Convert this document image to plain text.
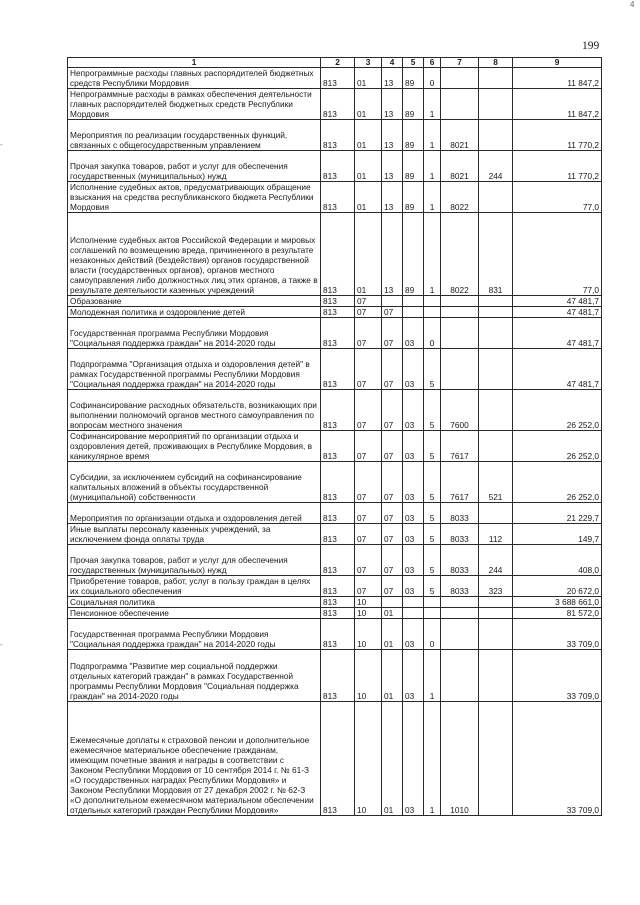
199
4
-
-
1	2	3	4	5	6	7	8	9
Непрограммные расходы главных распорядителей бюджетных средств Республики Мордовия	813	01	13	89	0			11 847,2
Непрограммные расходы в рамках обеспечения деятельности главных распорядителей бюджетных средств Республики Мордовия	813	01	13	89	1			11 847,2
Мероприятия по реализации государственных функций, связанных с общегосударственным управлением	813	01	13	89	1	8021		11 770,2
Прочая закупка товаров, работ и услуг для обеспечения государственных (муниципальных) нужд	813	01	13	89	1	8021	244	11 770,2
Исполнение судебных актов, предусматривающих обращение взыскания на средства республиканского бюджета Республики Мордовия	813	01	13	89	1	8022		77,0
Исполнение судебных актов Российской Федерации и мировых соглашений по возмещению вреда, причиненного в результате незаконных действий (бездействия) органов государственной власти (государственных органов), органов местного самоуправления либо должностных лиц этих органов, а также в результате деятельности казенных учреждений	813	01	13	89	1	8022	831	77,0
Образование	813	07						47 481,7
Молодежная политика и оздоровление детей	813	07	07					47 481,7
Государственная программа Республики Мордовия "Социальная поддержка граждан" на 2014-2020 годы	813	07	07	03	0			47 481,7
Подпрограмма "Организация отдыха и оздоровления детей" в рамках Государственной программы Республики Мордовия "Социальная поддержка граждан" на 2014-2020 годы	813	07	07	03	5			47 481,7
Софинансирование расходных обязательств, возникающих при выполнении полномочий органов местного самоуправления по вопросам местного значения	813	07	07	03	5	7600		26 252,0
Софинансирование мероприятий по организации отдыха и оздоровления детей, проживающих в Республике Мордовия, в каникулярное время	813	07	07	03	5	7617		26 252,0
Субсидии, за исключением субсидий на софинансирование капитальных вложений в объекты государственной (муниципальной) собственности	813	07	07	03	5	7617	521	26 252,0
Мероприятия по организации отдыха и оздоровления детей	813	07	07	03	5	8033		21 229,7
Иные выплаты персоналу казенных учреждений, за исключением фонда оплаты труда	813	07	07	03	5	8033	112	149,7
Прочая закупка товаров, работ и услуг для обеспечения государственных (муниципальных) нужд	813	07	07	03	5	8033	244	408,0
Приобретение товаров, работ, услуг в пользу граждан в целях их социального обеспечения	813	07	07	03	5	8033	323	20 672,0
Социальная политика	813	10						3 688 661,0
Пенсионное обеспечение	813	10	01					81 572,0
Государственная программа Республики Мордовия "Социальная поддержка граждан" на 2014-2020 годы	813	10	01	03	0			33 709,0
Подпрограмма "Развитие мер социальной поддержки отдельных категорий граждан" в рамках Государственной программы Республики Мордовия "Социальная поддержка граждан" на 2014-2020 годы	813	10	01	03	1			33 709,0
Ежемесячные доплаты к страховой пенсии и дополнительное ежемесячное материальное обеспечение гражданам, имеющим почетные звания и награды в соответствии с Законом Республики Мордовия от 10 сентября 2014 г. № 61-З «О государственных наградах Республики Мордовия» и Законом Республики Мордовия от 27 декабря 2002 г. № 62-З «О дополнительном ежемесячном материальном обеспечении отдельных категорий граждан Республики Мордовия»	813	10	01	03	1	1010		33 709,0
